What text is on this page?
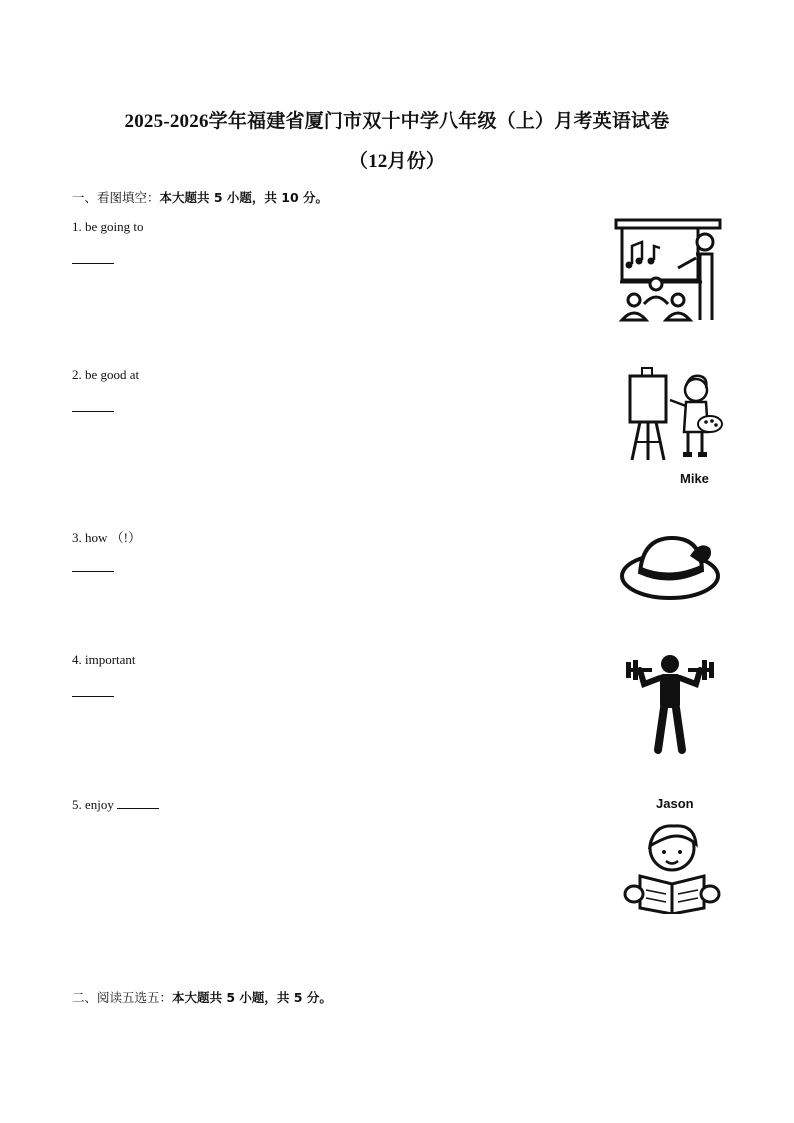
2025-2026学年福建省厦门市双十中学八年级（上）月考英语试卷
（12月份）
一、看图填空：本大题共 5 小题，共 10 分。
1. be going to
2. be good at
Mike
3. how （!）
4. important
5. enjoy	Jason
二、阅读五选五：本大题共 5 小题，共 5 分。
